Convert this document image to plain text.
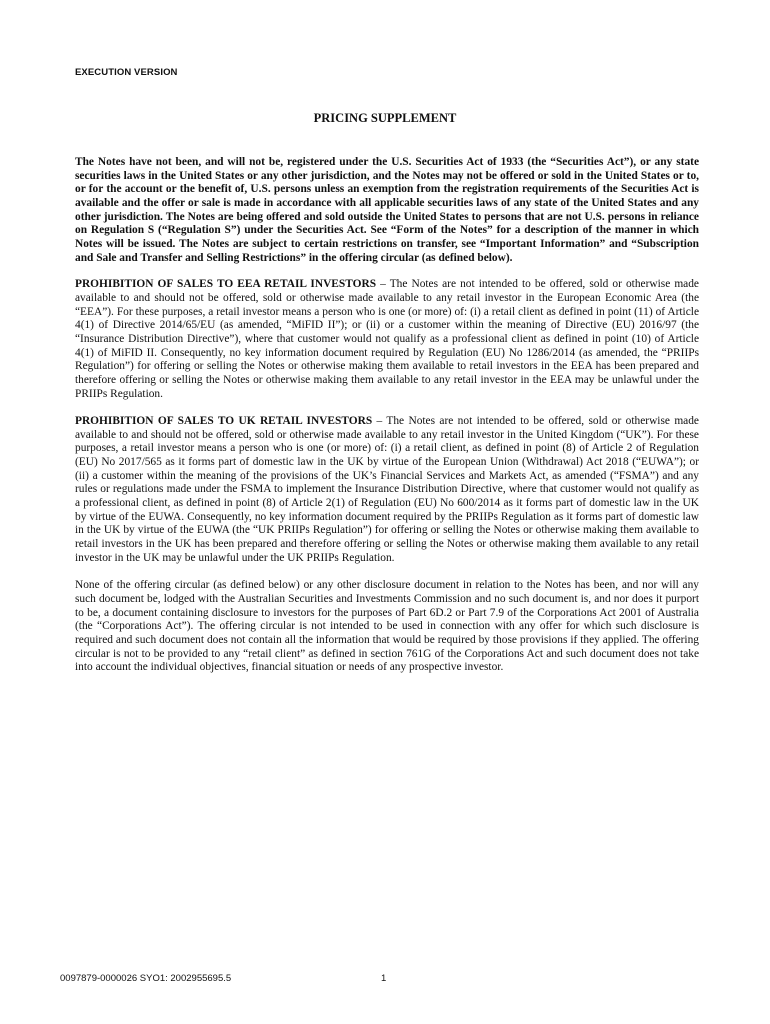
EXECUTION VERSION
PRICING SUPPLEMENT

The Notes have not been, and will not be, registered under the U.S. Securities Act of 1933 (the “Securities Act”), or any state securities laws in the United States or any other jurisdiction, and the Notes may not be offered or sold in the United States or to, or for the account or the benefit of, U.S. persons unless an exemption from the registration requirements of the Securities Act is available and the offer or sale is made in accordance with all applicable securities laws of any state of the United States and any other jurisdiction. The Notes are being offered and sold outside the United States to persons that are not U.S. persons in reliance on Regulation S (“Regulation S”) under the Securities Act. See “Form of the Notes” for a description of the manner in which Notes will be issued. The Notes are subject to certain restrictions on transfer, see “Important Information” and “Subscription and Sale and Transfer and Selling Restrictions” in the offering circular (as defined below).

PROHIBITION OF SALES TO EEA RETAIL INVESTORS – The Notes are not intended to be offered, sold or otherwise made available to and should not be offered, sold or otherwise made available to any retail investor in the European Economic Area (the “EEA”). For these purposes, a retail investor means a person who is one (or more) of: (i) a retail client as defined in point (11) of Article 4(1) of Directive 2014/65/EU (as amended, “MiFID II”); or (ii) or a customer within the meaning of Directive (EU) 2016/97 (the “Insurance Distribution Directive”), where that customer would not qualify as a professional client as defined in point (10) of Article 4(1) of MiFID II. Consequently, no key information document required by Regulation (EU) No 1286/2014 (as amended, the “PRIIPs Regulation”) for offering or selling the Notes or otherwise making them available to retail investors in the EEA has been prepared and therefore offering or selling the Notes or otherwise making them available to any retail investor in the EEA may be unlawful under the PRIIPs Regulation.

PROHIBITION OF SALES TO UK RETAIL INVESTORS – The Notes are not intended to be offered, sold or otherwise made available to and should not be offered, sold or otherwise made available to any retail investor in the United Kingdom (“UK”). For these purposes, a retail investor means a person who is one (or more) of: (i) a retail client, as defined in point (8) of Article 2 of Regulation (EU) No 2017/565 as it forms part of domestic law in the UK by virtue of the European Union (Withdrawal) Act 2018 (“EUWA”); or (ii) a customer within the meaning of the provisions of the UK’s Financial Services and Markets Act, as amended (“FSMA”) and any rules or regulations made under the FSMA to implement the Insurance Distribution Directive, where that customer would not qualify as a professional client, as defined in point (8) of Article 2(1) of Regulation (EU) No 600/2014 as it forms part of domestic law in the UK by virtue of the EUWA. Consequently, no key information document required by the PRIIPs Regulation as it forms part of domestic law in the UK by virtue of the EUWA (the “UK PRIIPs Regulation”) for offering or selling the Notes or otherwise making them available to retail investors in the UK has been prepared and therefore offering or selling the Notes or otherwise making them available to any retail investor in the UK may be unlawful under the UK PRIIPs Regulation.

None of the offering circular (as defined below) or any other disclosure document in relation to the Notes has been, and nor will any such document be, lodged with the Australian Securities and Investments Commission and no such document is, and nor does it purport to be, a document containing disclosure to investors for the purposes of Part 6D.2 or Part 7.9 of the Corporations Act 2001 of Australia (the “Corporations Act”). The offering circular is not intended to be used in connection with any offer for which such disclosure is required and such document does not contain all the information that would be required by those provisions if they applied. The offering circular is not to be provided to any “retail client” as defined in section 761G of the Corporations Act and such document does not take into account the individual objectives, financial situation or needs of any prospective investor.

0097879-0000026 SYO1: 2002955695.5	1
